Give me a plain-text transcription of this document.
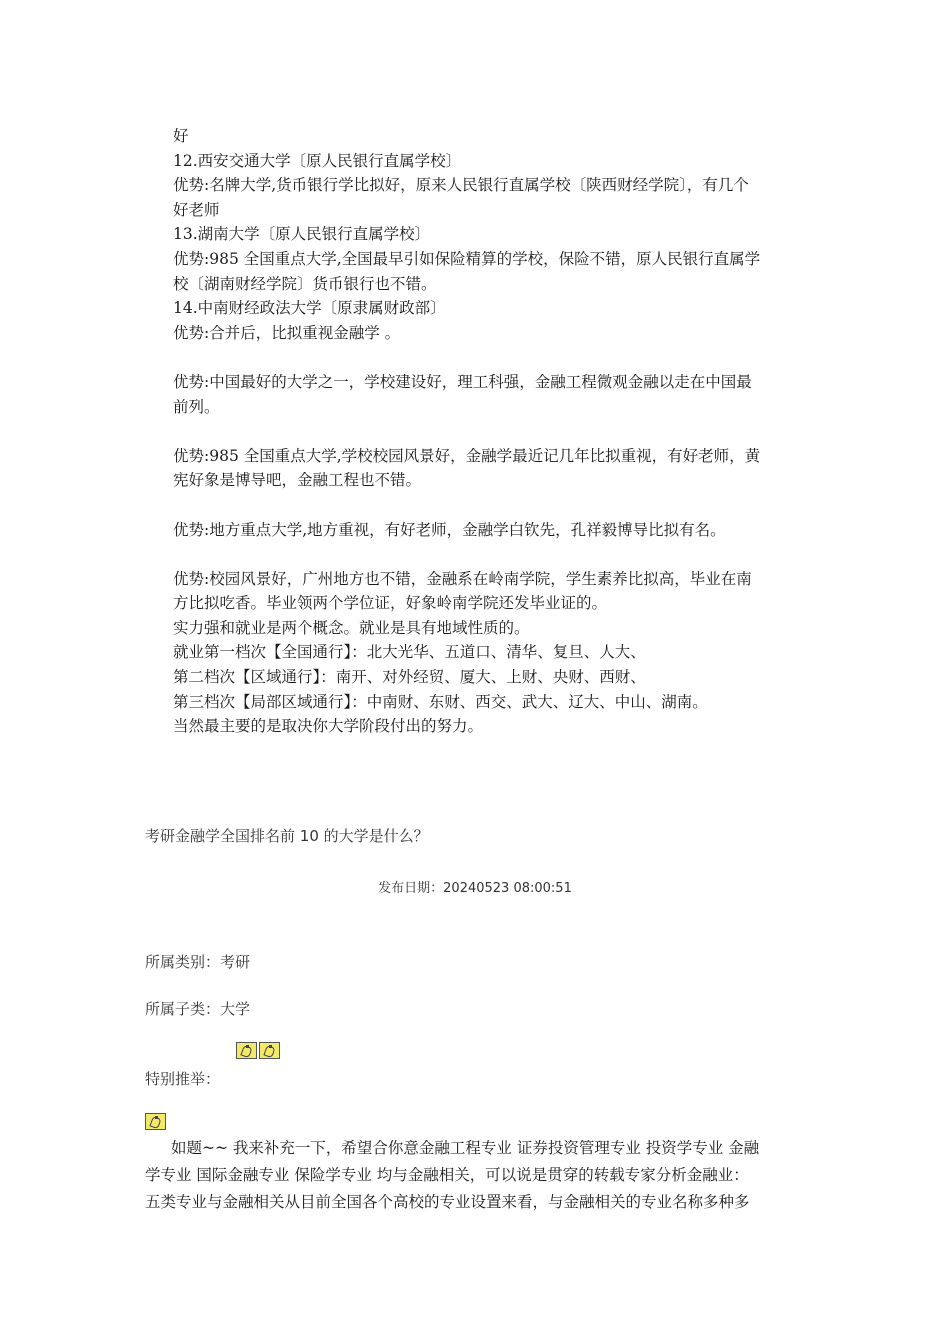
好

12.西安交通大学〔原人民银行直属学校〕

优势:名牌大学,货币银行学比拟好，原来人民银行直属学校〔陕西财经学院〕，有几个

好老师

13.湖南大学〔原人民银行直属学校〕

优势:985 全国重点大学,全国最早引如保险精算的学校，保险不错，原人民银行直属学

校〔湖南财经学院〕货币银行也不错。

14.中南财经政法大学〔原隶属财政部〕

优势:合并后，比拟重视金融学 。

优势:中国最好的大学之一，学校建设好，理工科强，金融工程微观金融以走在中国最

前列。

优势:985 全国重点大学,学校校园风景好，金融学最近记几年比拟重视，有好老师，黄

宪好象是博导吧，金融工程也不错。

优势:地方重点大学,地方重视，有好老师，金融学白钦先，孔祥毅博导比拟有名。

优势:校园风景好，广州地方也不错，金融系在岭南学院，学生素养比拟高，毕业在南

方比拟吃香。毕业领两个学位证，好象岭南学院还发毕业证的。

实力强和就业是两个概念。就业是具有地域性质的。

就业第一档次【全国通行】：北大光华、五道口、清华、复旦、人大、

第二档次【区域通行】：南开、对外经贸、厦大、上财、央财、西财、

第三档次【局部区域通行】：中南财、东财、西交、武大、辽大、中山、湖南。

当然最主要的是取决你大学阶段付出的努力。

考研金融学全国排名前 10 的大学是什么？
发布日期：20240523 08:00:51
所属类别：考研
所属子类：大学
特别推举：

如题~~ 我来补充一下，希望合你意金融工程专业 证券投资管理专业 投资学专业 金融
学专业 国际金融专业 保险学专业 均与金融相关，可以说是贯穿的转载专家分析金融业：
五类专业与金融相关从目前全国各个高校的专业设置来看，与金融相关的专业名称多种多
